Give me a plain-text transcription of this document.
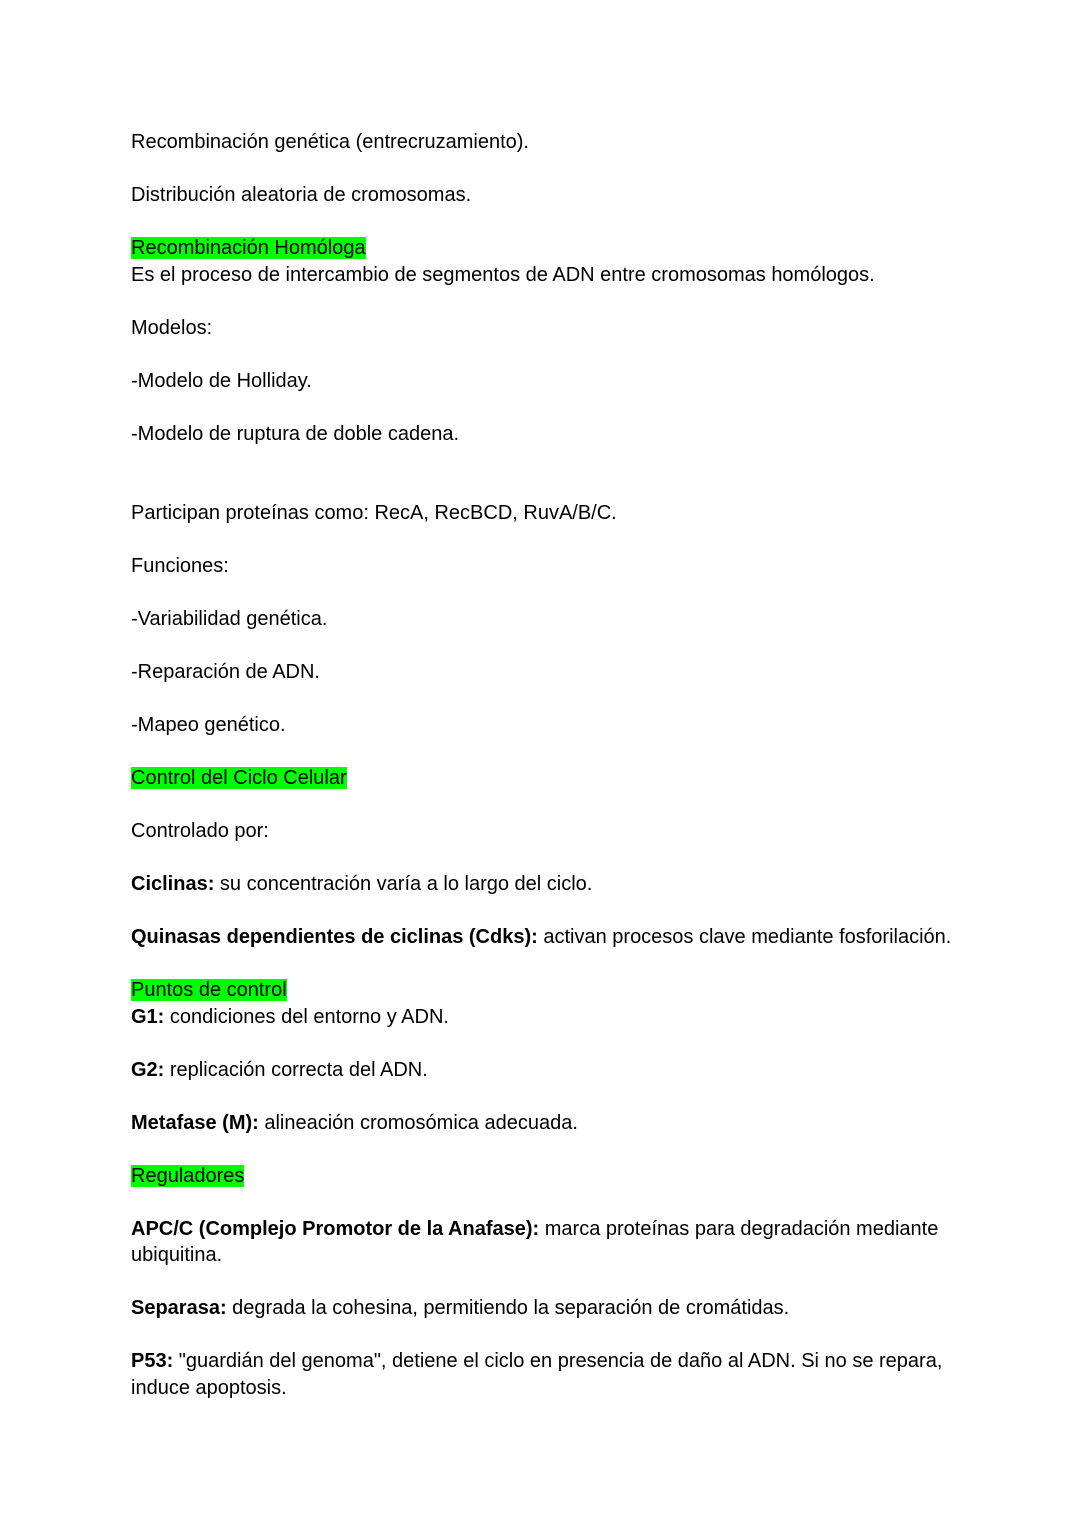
Recombinación genética (entrecruzamiento).

Distribución aleatoria de cromosomas.

Recombinación Homóloga

Es el proceso de intercambio de segmentos de ADN entre cromosomas homólogos.

Modelos:

-Modelo de Holliday.

-Modelo de ruptura de doble cadena.

Participan proteínas como: RecA, RecBCD, RuvA/B/C.

Funciones:

-Variabilidad genética.

-Reparación de ADN.

-Mapeo genético.

Control del Ciclo Celular

Controlado por:

Ciclinas: su concentración varía a lo largo del ciclo.

Quinasas dependientes de ciclinas (Cdks): activan procesos clave mediante fosforilación.

Puntos de control

G1: condiciones del entorno y ADN.

G2: replicación correcta del ADN.

Metafase (M): alineación cromosómica adecuada.

Reguladores

APC/C (Complejo Promotor de la Anafase): marca proteínas para degradación mediante ubiquitina.

Separasa: degrada la cohesina, permitiendo la separación de cromátidas.

P53: "guardián del genoma", detiene el ciclo en presencia de daño al ADN. Si no se repara, induce apoptosis.
